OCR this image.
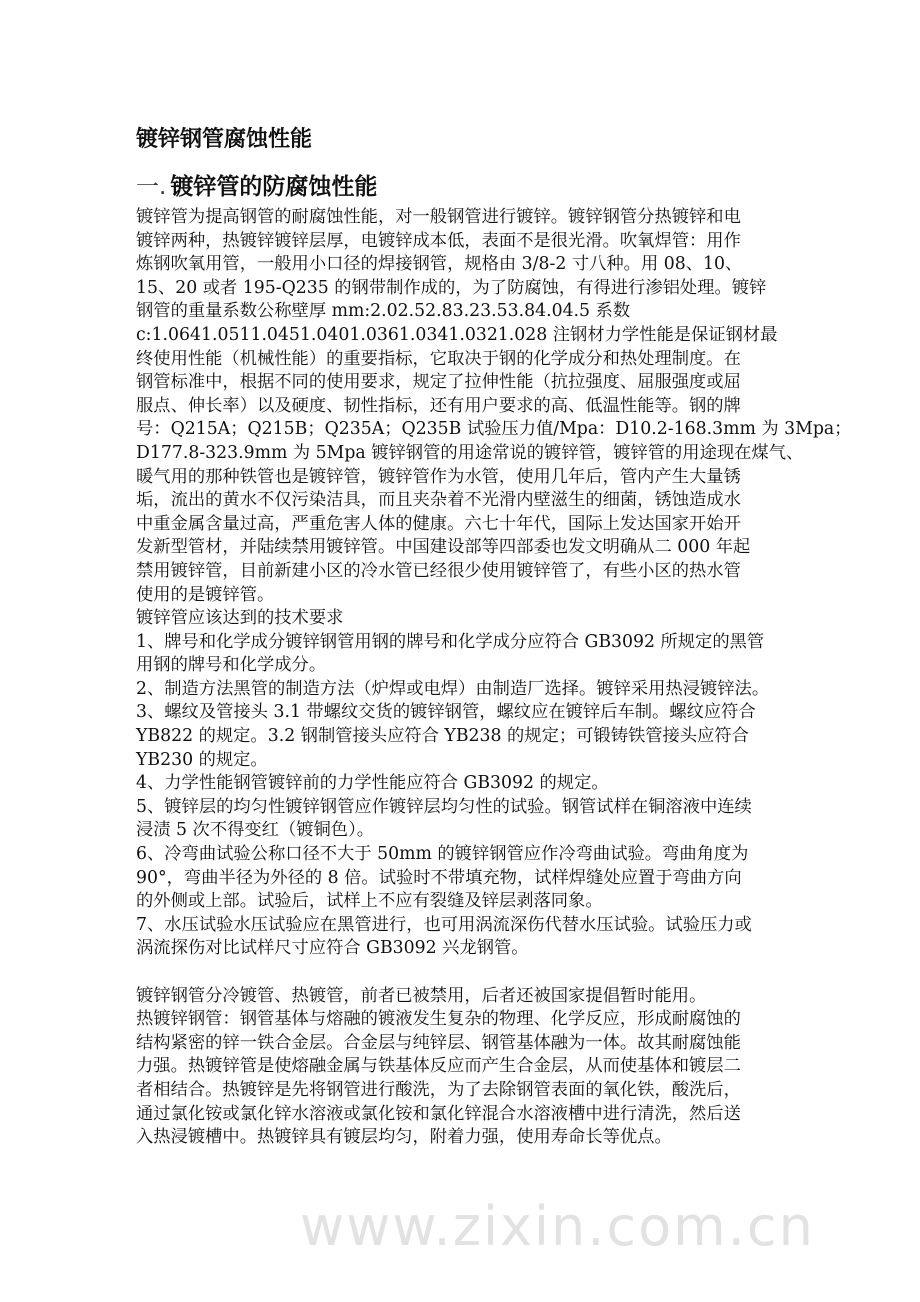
镀锌钢管腐蚀性能
一. 镀锌管的防腐蚀性能
镀锌管为提高钢管的耐腐蚀性能，对一般钢管进行镀锌。镀锌钢管分热镀锌和电
镀锌两种，热镀锌镀锌层厚，电镀锌成本低，表面不是很光滑。吹氧焊管：用作
炼钢吹氧用管，一般用小口径的焊接钢管，规格由 3/8-2 寸八种。用 08、10、
15、20 或者 195-Q235 的钢带制作成的，为了防腐蚀，有得进行渗铝处理。镀锌
钢管的重量系数公称壁厚 mm:2.02.52.83.23.53.84.04.5 系数
c:1.0641.0511.0451.0401.0361.0341.0321.028 注钢材力学性能是保证钢材最
终使用性能（机械性能）的重要指标，它取决于钢的化学成分和热处理制度。在
钢管标准中，根据不同的使用要求，规定了拉伸性能（抗拉强度、屈服强度或屈
服点、伸长率）以及硬度、韧性指标，还有用户要求的高、低温性能等。钢的牌
号：Q215A；Q215B；Q235A；Q235B 试验压力值/Mpa：D10.2-168.3mm 为 3Mpa；
D177.8-323.9mm 为 5Mpa 镀锌钢管的用途常说的镀锌管，镀锌管的用途现在煤气、
暖气用的那种铁管也是镀锌管，镀锌管作为水管，使用几年后，管内产生大量锈
垢，流出的黄水不仅污染洁具，而且夹杂着不光滑内壁滋生的细菌，锈蚀造成水
中重金属含量过高，严重危害人体的健康。六七十年代，国际上发达国家开始开
发新型管材，并陆续禁用镀锌管。中国建设部等四部委也发文明确从二 000 年起
禁用镀锌管，目前新建小区的冷水管已经很少使用镀锌管了，有些小区的热水管
使用的是镀锌管。
镀锌管应该达到的技术要求
1、牌号和化学成分镀锌钢管用钢的牌号和化学成分应符合 GB3092 所规定的黑管
用钢的牌号和化学成分。
2、制造方法黑管的制造方法（炉焊或电焊）由制造厂选择。镀锌采用热浸镀锌法。
3、螺纹及管接头 3.1 带螺纹交货的镀锌钢管，螺纹应在镀锌后车制。螺纹应符合
YB822 的规定。3.2 钢制管接头应符合 YB238 的规定；可锻铸铁管接头应符合
YB230 的规定。
4、力学性能钢管镀锌前的力学性能应符合 GB3092 的规定。
5、镀锌层的均匀性镀锌钢管应作镀锌层均匀性的试验。钢管试样在铜溶液中连续
浸渍 5 次不得变红（镀铜色）。
6、冷弯曲试验公称口径不大于 50mm 的镀锌钢管应作冷弯曲试验。弯曲角度为
90°，弯曲半径为外径的 8 倍。试验时不带填充物，试样焊缝处应置于弯曲方向
的外侧或上部。试验后，试样上不应有裂缝及锌层剥落同象。
7、水压试验水压试验应在黑管进行，也可用涡流深伤代替水压试验。试验压力或
涡流探伤对比试样尺寸应符合 GB3092 兴龙钢管。
镀锌钢管分冷镀管、热镀管，前者已被禁用，后者还被国家提倡暂时能用。
热镀锌钢管：钢管基体与熔融的镀液发生复杂的物理、化学反应，形成耐腐蚀的
结构紧密的锌一铁合金层。合金层与纯锌层、钢管基体融为一体。故其耐腐蚀能
力强。热镀锌管是使熔融金属与铁基体反应而产生合金层，从而使基体和镀层二
者相结合。热镀锌是先将钢管进行酸洗，为了去除钢管表面的氧化铁，酸洗后，
通过氯化铵或氯化锌水溶液或氯化铵和氯化锌混合水溶液槽中进行清洗，然后送
入热浸镀槽中。热镀锌具有镀层均匀，附着力强，使用寿命长等优点。
www.zixin.com.cn
